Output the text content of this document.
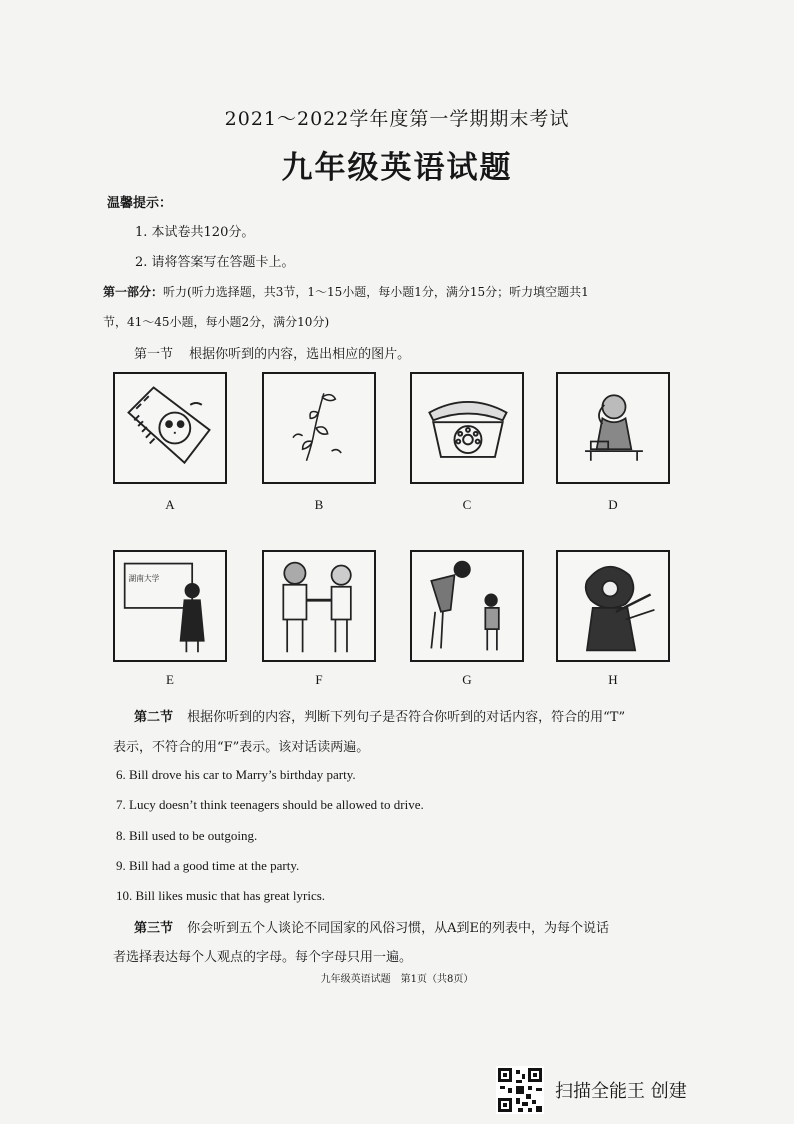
2021～2022学年度第一学期期末考试
九年级英语试题
温馨提示：
1. 本试卷共120分。
2. 请将答案写在答题卡上。
第一部分：听力(听力选择题，共3节，1～15小题，每小题1分，满分15分；听力填空题共1
节，41～45小题，每小题2分，满分10分)
第一节 根据你听到的内容，选出相应的图片。
A	B	C	D
湖南大学
E	F	G	H
第二节 根据你听到的内容，判断下列句子是否符合你听到的对话内容，符合的用“T”
表示，不符合的用“F”表示。该对话读两遍。
6. Bill drove his car to Marry’s birthday party.
7. Lucy doesn’t think teenagers should be allowed to drive.
8. Bill used to be outgoing.
9. Bill had a good time at the party.
10. Bill likes music that has great lyrics.
第三节 你会听到五个人谈论不同国家的风俗习惯，从A到E的列表中，为每个说话
者选择表达每个人观点的字母。每个字母只用一遍。
九年级英语试题　第1页（共8页）
扫描全能王 创建
